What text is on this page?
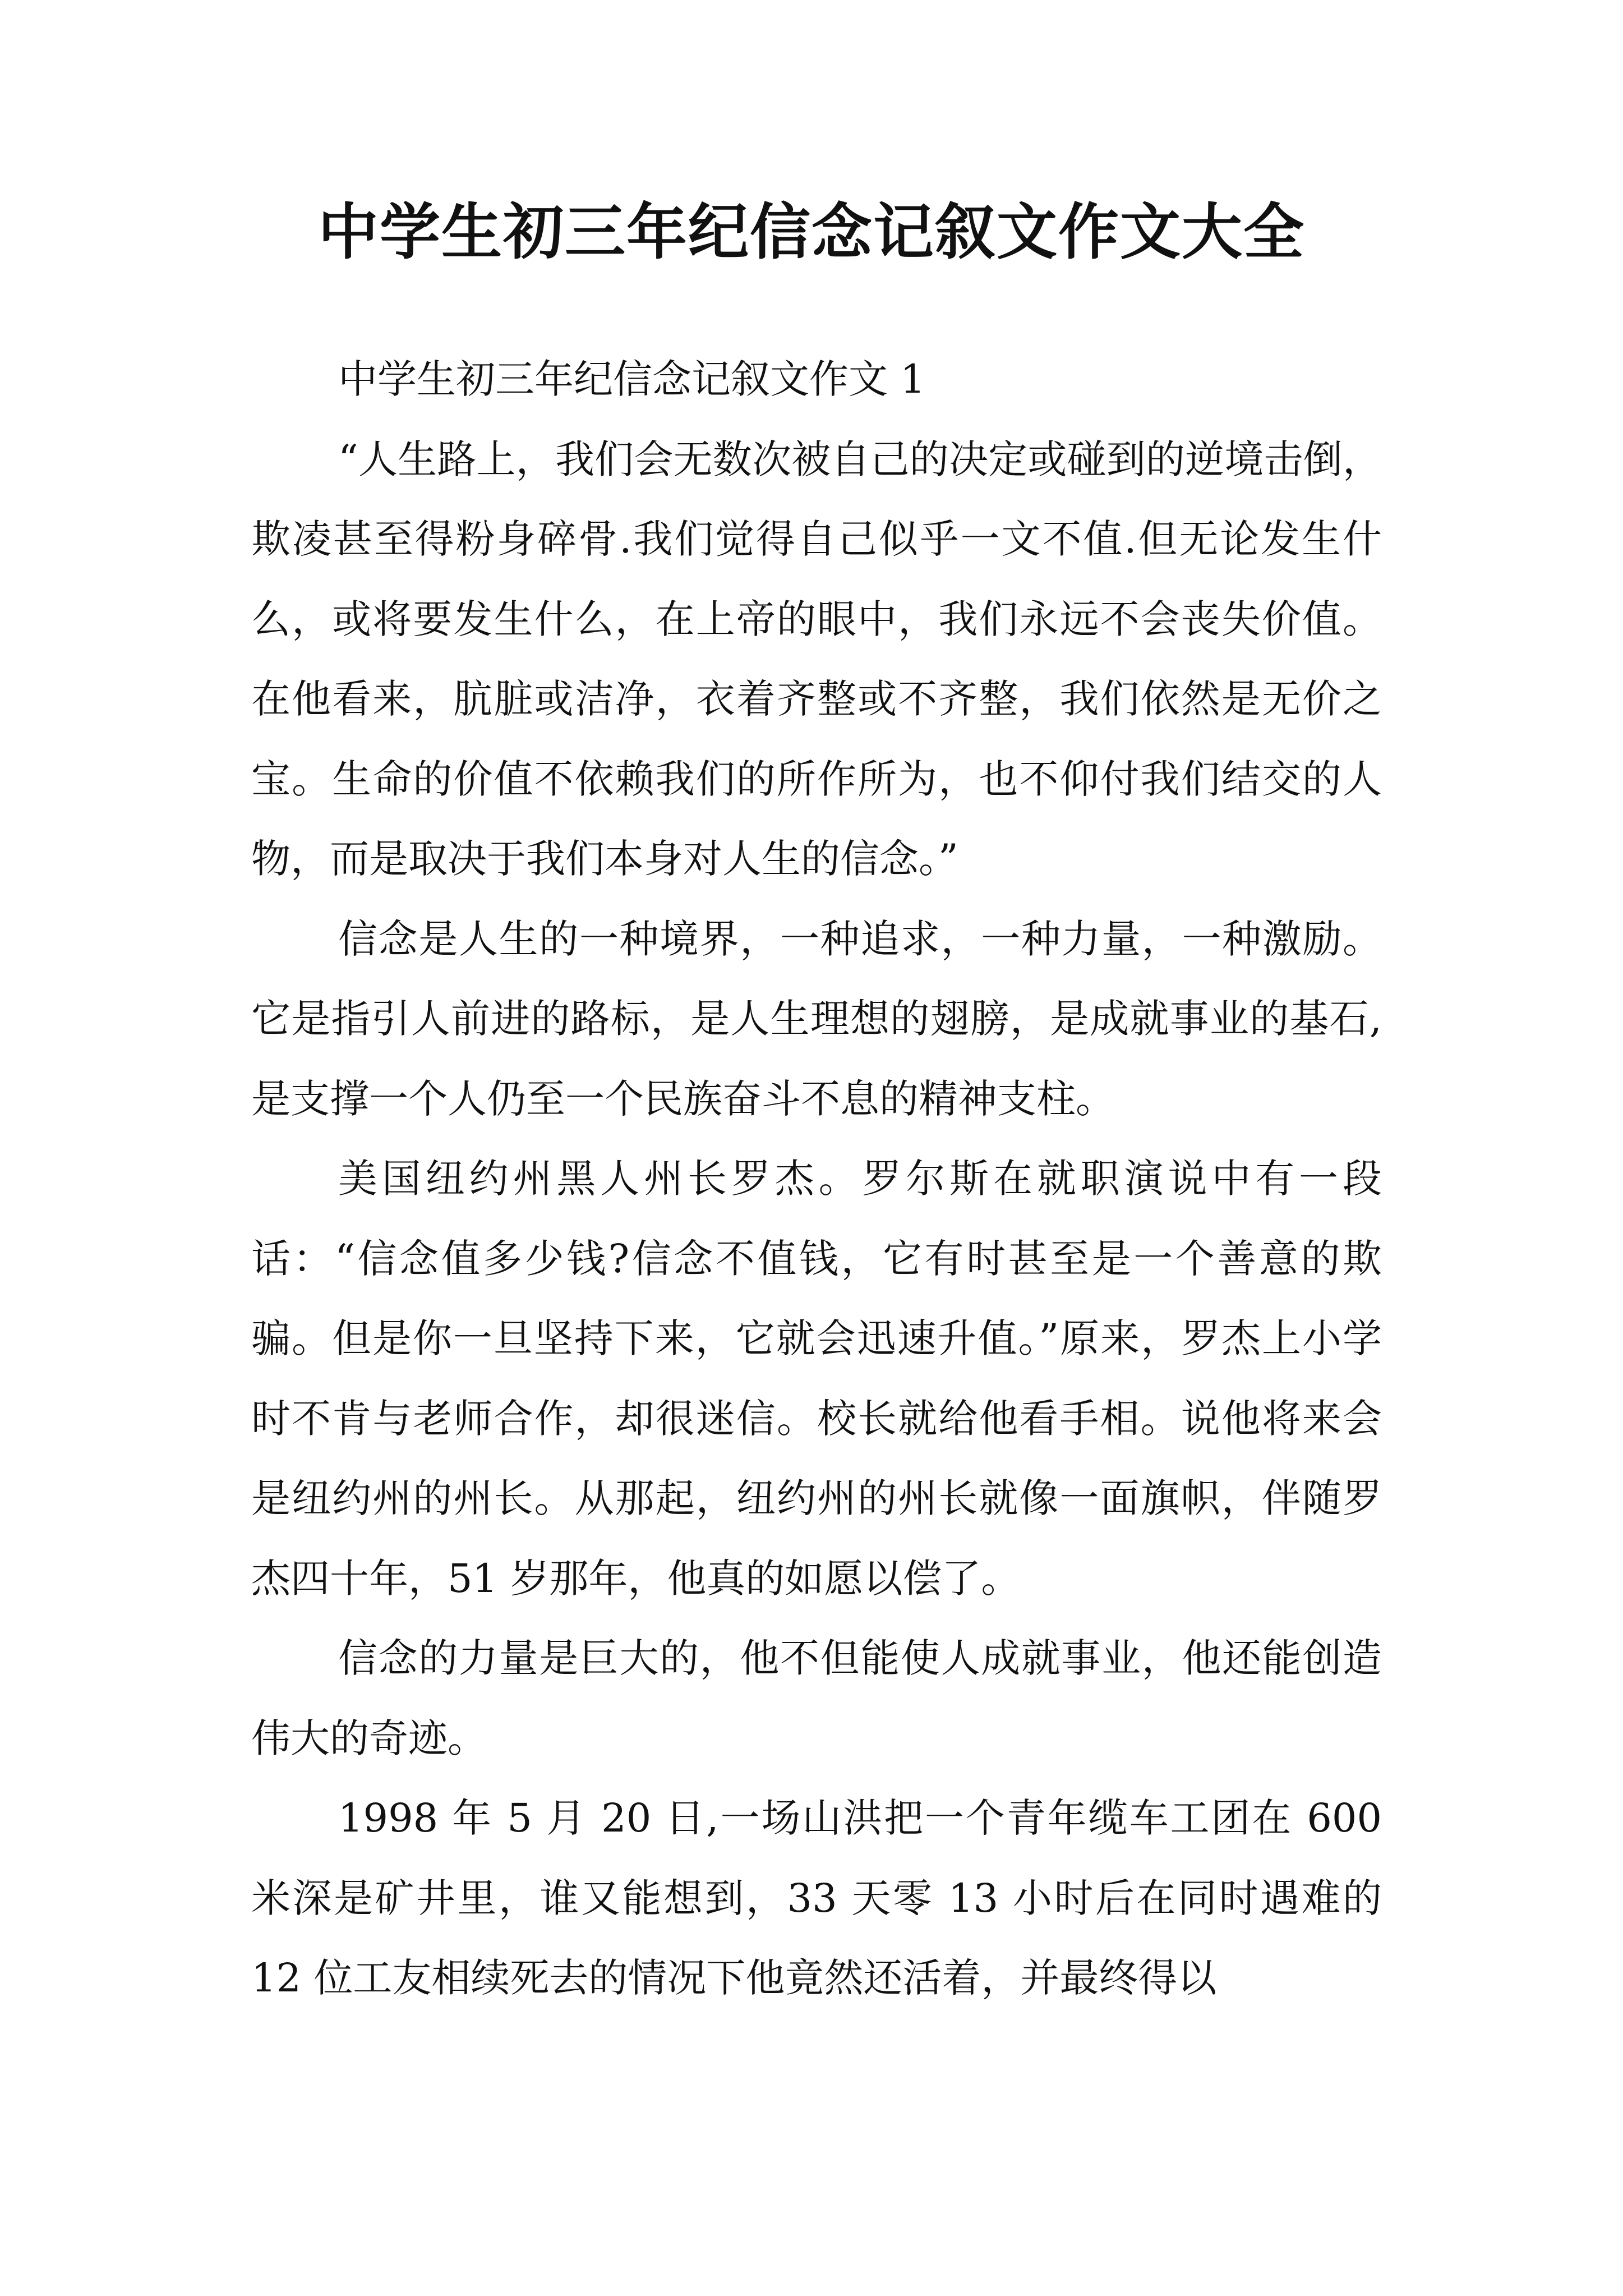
中学生初三年纪信念记叙文作文大全

中学生初三年纪信念记叙文作文 1

“人生路上，我们会无数次被自己的决定或碰到的逆境击倒，欺凌甚至得粉身碎骨.我们觉得自己似乎一文不值.但无论发生什么，或将要发生什么，在上帝的眼中，我们永远不会丧失价值。在他看来，肮脏或洁净，衣着齐整或不齐整，我们依然是无价之宝。生命的价值不依赖我们的所作所为，也不仰付我们结交的人物，而是取决于我们本身对人生的信念。”

信念是人生的一种境界，一种追求，一种力量，一种激励。它是指引人前进的路标，是人生理想的翅膀，是成就事业的基石,是支撑一个人仍至一个民族奋斗不息的精神支柱。

美国纽约州黑人州长罗杰。罗尔斯在就职演说中有一段话：“信念值多少钱?信念不值钱，它有时甚至是一个善意的欺骗。但是你一旦坚持下来，它就会迅速升值。”原来，罗杰上小学时不肯与老师合作，却很迷信。校长就给他看手相。说他将来会是纽约州的州长。从那起，纽约州的州长就像一面旗帜，伴随罗杰四十年，51 岁那年，他真的如愿以偿了。

信念的力量是巨大的，他不但能使人成就事业，他还能创造伟大的奇迹。

1998 年 5 月 20 日,一场山洪把一个青年缆车工团在 600 米深是矿井里，谁又能想到，33 天零 13 小时后在同时遇难的 12 位工友相续死去的情况下他竟然还活着，并最终得以
